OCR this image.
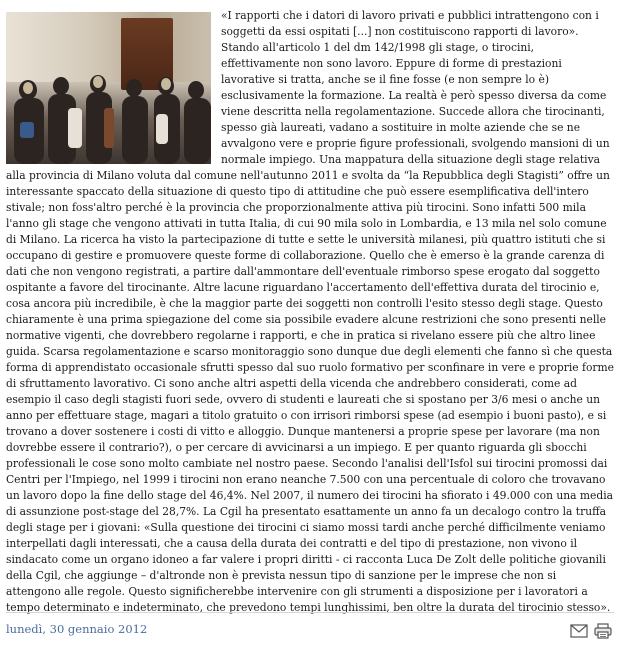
«I rapporti che i datori di lavoro privati e pubblici intrattengono con i soggetti da essi ospitati [...] non costituiscono rapporti di lavoro». Stando all'articolo 1 del dm 142/1998 gli stage, o tirocini, effettivamente non sono lavoro. Eppure di forme di prestazioni lavorative si tratta, anche se il fine fosse (e non sempre lo è) esclusivamente la formazione. La realtà è però spesso diversa da come viene descritta nella regolamentazione. Succede allora che tirocinanti, spesso già laureati, vadano a sostituire in molte aziende che se ne avvalgono vere e proprie figure professionali, svolgendo mansioni di un normale impiego. Una mappatura della situazione degli stage relativa alla provincia di Milano voluta dal comune nell'autunno 2011 e svolta da “la Repubblica degli Stagisti” offre un interessante spaccato della situazione di questo tipo di attitudine che può essere esemplificativa dell'intero stivale; non foss'altro perché è la provincia che proporzionalmente attiva più tirocini. Sono infatti 500 mila l'anno gli stage che vengono attivati in tutta Italia, di cui 90 mila solo in Lombardia, e 13 mila nel solo comune di Milano. La ricerca ha visto la partecipazione di tutte e sette le università milanesi, più quattro istituti che si occupano di gestire e promuovere queste forme di collaborazione. Quello che è emerso è la grande carenza di dati che non vengono registrati, a partire dall'ammontare dell'eventuale rimborso spese erogato dal soggetto ospitante a favore del tirocinante. Altre lacune riguardano l'accertamento dell'effettiva durata del tirocinio e, cosa ancora più incredibile, è che la maggior parte dei soggetti non controlli l'esito stesso degli stage. Questo chiaramente è una prima spiegazione del come sia possibile evadere alcune restrizioni che sono presenti nelle normative vigenti, che dovrebbero regolarne i rapporti, e che in pratica si rivelano essere più che altro linee guida. Scarsa regolamentazione e scarso monitoraggio sono dunque due degli elementi che fanno sì che questa forma di apprendistato occasionale sfrutti spesso dal suo ruolo formativo per sconfinare in vere e proprie forme di sfruttamento lavorativo. Ci sono anche altri aspetti della vicenda che andrebbero considerati, come ad esempio il caso degli stagisti fuori sede, ovvero di studenti e laureati che si spostano per 3/6 mesi o anche un anno per effettuare stage, magari a titolo gratuito o con irrisori rimborsi spese (ad esempio i buoni pasto), e si trovano a dover sostenere i costi di vitto e alloggio. Dunque mantenersi a proprie spese per lavorare (ma non dovrebbe essere il contrario?), o per cercare di avvicinarsi a un impiego. E per quanto riguarda gli sbocchi professionali le cose sono molto cambiate nel nostro paese. Secondo l'analisi dell'Isfol sui tirocini promossi dai Centri per l'Impiego, nel 1999 i tirocini non erano neanche 7.500 con una percentuale di coloro che trovavano un lavoro dopo la fine dello stage del 46,4%. Nel 2007, il numero dei tirocini ha sfiorato i 49.000 con una media di assunzione post-stage del 28,7%. La Cgil ha presentato esattamente un anno fa un decalogo contro la truffa degli stage per i giovani: «Sulla questione dei tirocini ci siamo mossi tardi anche perché difficilmente veniamo interpellati dagli interessati, che a causa della durata dei contratti e del tipo di prestazione, non vivono il sindacato come un organo idoneo a far valere i propri diritti - ci racconta Luca De Zolt delle politiche giovanili della Cgil, che aggiunge – d'altronde non è prevista nessun tipo di sanzione per le imprese che non si attengono alle regole. Questo significherebbe intervenire con gli strumenti a disposizione per i lavoratori a tempo determinato e indeterminato, che prevedono tempi lunghissimi, ben oltre la durata del tirocinio stesso».

lunedì, 30 gennaio 2012
